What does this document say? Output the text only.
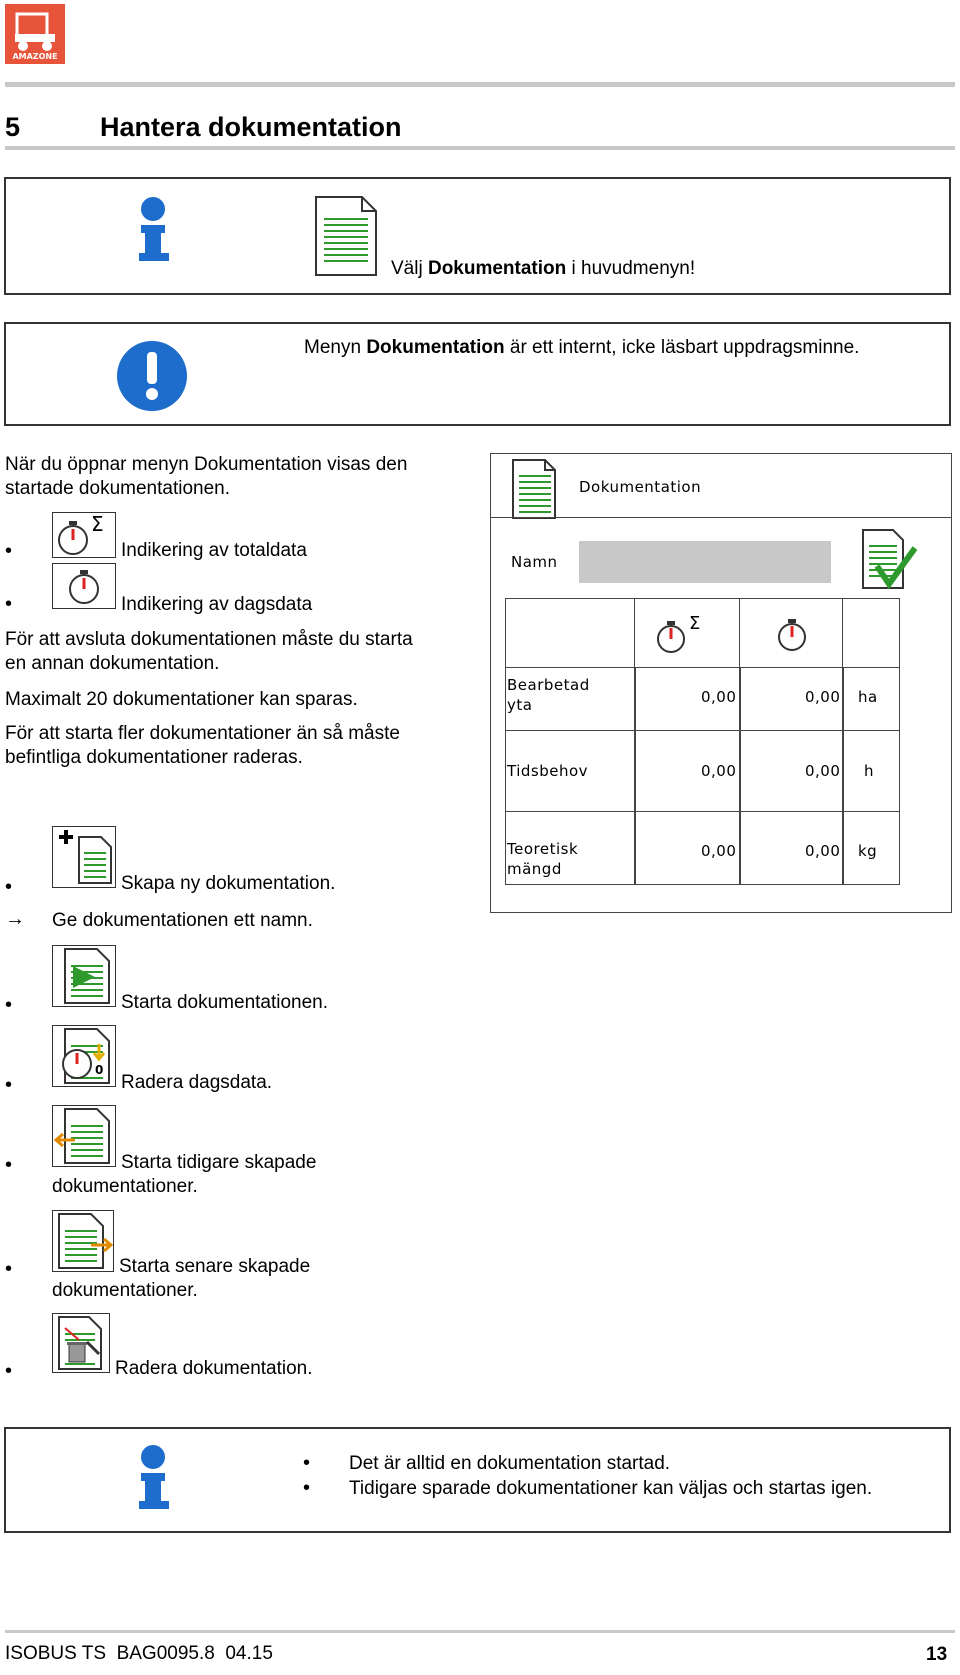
AMAZONE
5	Hantera dokumentation
Välj Dokumentation i huvudmenyn!
Menyn Dokumentation är ett internt, icke läsbart uppdragsminne.
När du öppnar menyn Dokumentation visas den
startade dokumentationen.
•
Σ
Indikering av totaldata
•	Indikering av dagsdata
För att avsluta dokumentationen måste du starta
en annan dokumentation.
Maximalt 20 dokumentationer kan sparas.
För att starta fler dokumentationer än så måste
befintliga dokumentationer raderas.
Dokumentation
Namn
Σ
Bearbetad
yta	0,00	0,00 ha
Tidsbehov	0,00	0,00 h
Teoretisk
mängd
0,00	0,00 kg
•	Skapa ny dokumentation.
→ Ge dokumentationen ett namn.
•	Starta dokumentationen.
•
0
Radera dagsdata.
•	Starta tidigare skapade
dokumentationer.
•	Starta senare skapade
dokumentationer.
•	Radera dokumentation.
• Det är alltid en dokumentation startad.
• Tidigare sparade dokumentationer kan väljas och startas igen.
ISOBUS TS  BAG0095.8  04.15	13
